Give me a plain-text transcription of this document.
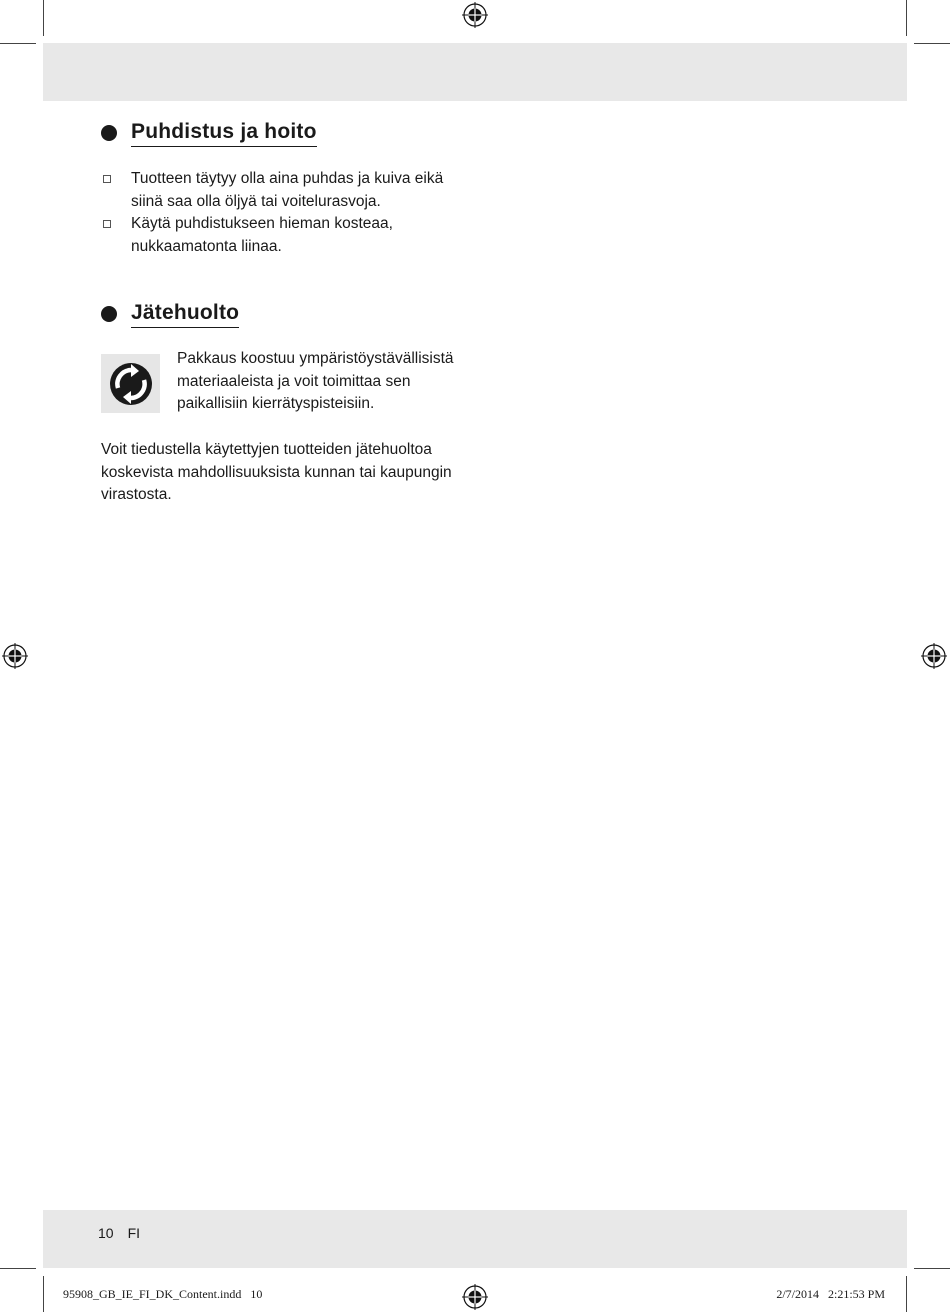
Puhdistus ja hoito
Tuotteen täytyy olla aina puhdas ja kuiva eikä
siinä saa olla öljyä tai voitelurasvoja.
Käytä puhdistukseen hieman kosteaa,
nukkaamatonta liinaa.
Jätehuolto

Pakkaus koostuu ympäristöystävällisistä
materiaaleista ja voit toimittaa sen
paikallisiin kierrätyspisteisiin.

Voit tiedustella käytettyjen tuotteiden jätehuoltoa
koskevista mahdollisuuksista kunnan tai kaupungin
virastosta.

10 FI
95908_GB_IE_FI_DK_Content.indd   10	2/7/2014   2:21:53 PM
